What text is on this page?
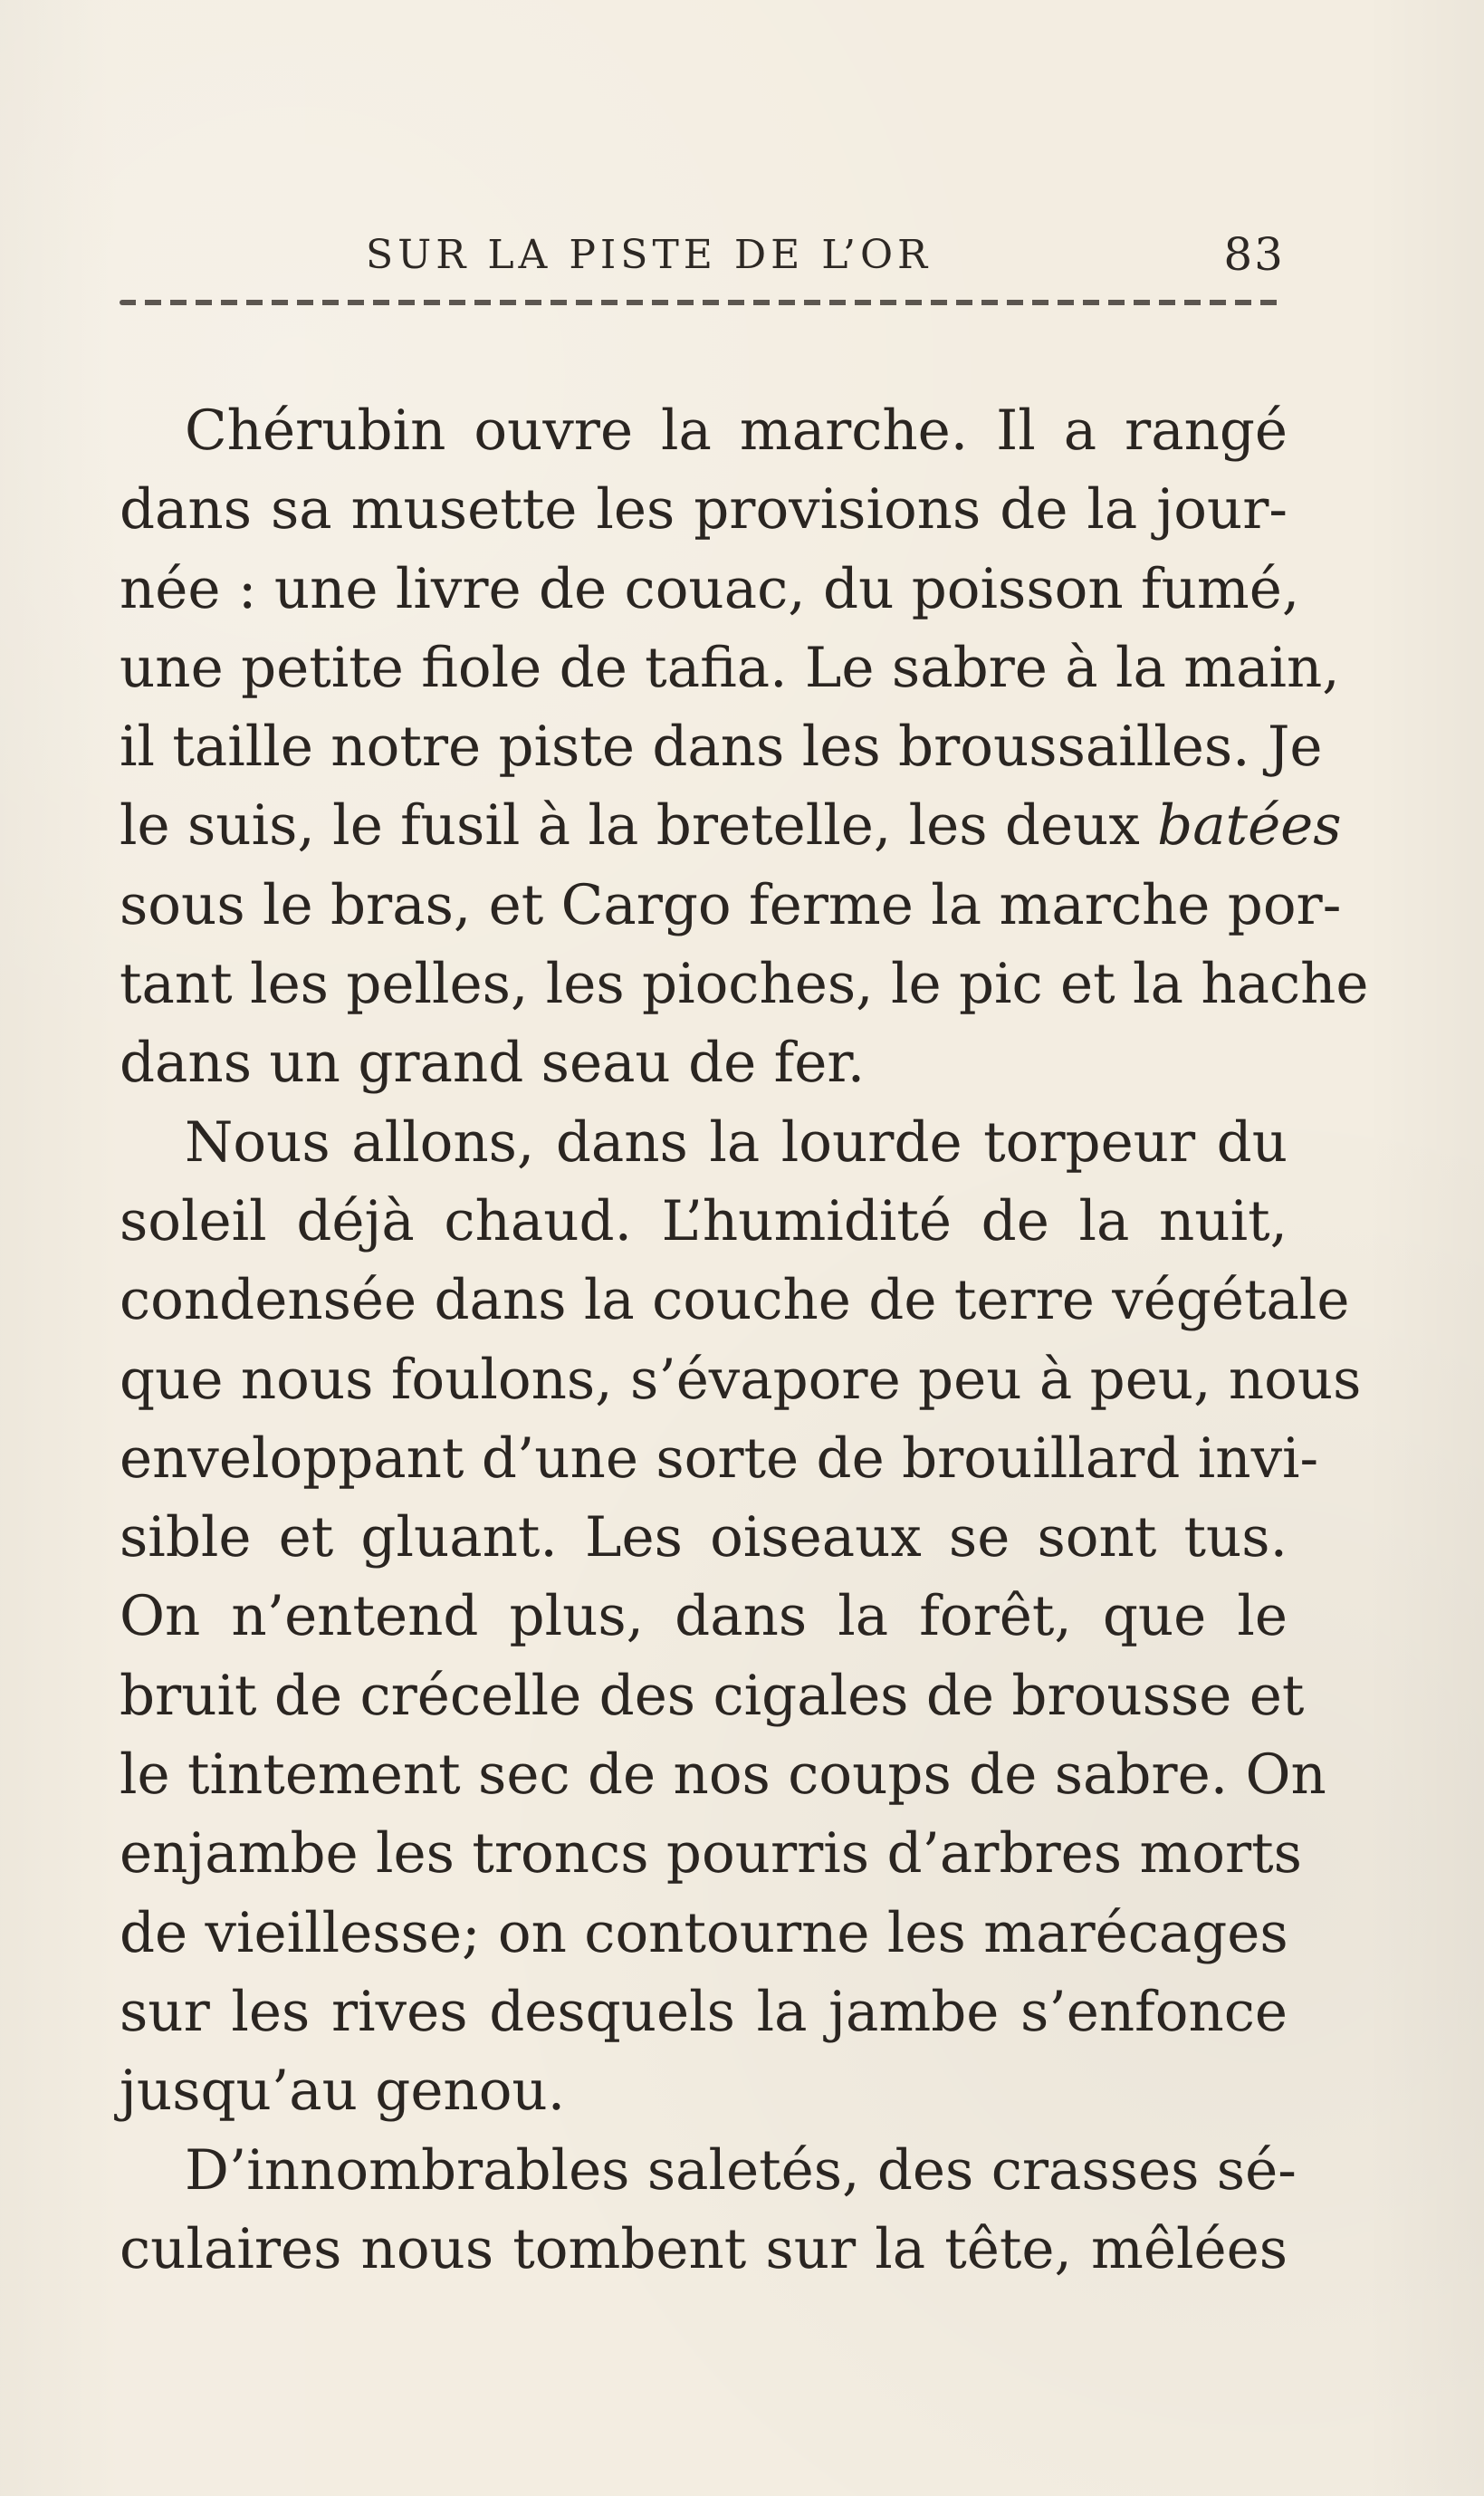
SUR LA PISTE DE L’OR	83
Chérubin ouvre la marche. Il a rangé
dans sa musette les provisions de la jour-
née : une livre de couac, du poisson fumé,
une petite fiole de tafia. Le sabre à la main,
il taille notre piste dans les broussailles. Je
le suis, le fusil à la bretelle, les deux batées
sous le bras, et Cargo ferme la marche por-
tant les pelles, les pioches, le pic et la hache
dans un grand seau de fer.
Nous allons, dans la lourde torpeur du
soleil déjà chaud. L’humidité de la nuit,
condensée dans la couche de terre végétale
que nous foulons, s’évapore peu à peu, nous
enveloppant d’une sorte de brouillard invi-
sible et gluant. Les oiseaux se sont tus.
On n’entend plus, dans la forêt, que le
bruit de crécelle des cigales de brousse et
le tintement sec de nos coups de sabre. On
enjambe les troncs pourris d’arbres morts
de vieillesse; on contourne les marécages
sur les rives desquels la jambe s’enfonce
jusqu’au genou.
D’innombrables saletés, des crasses sé-
culaires nous tombent sur la tête, mêlées
